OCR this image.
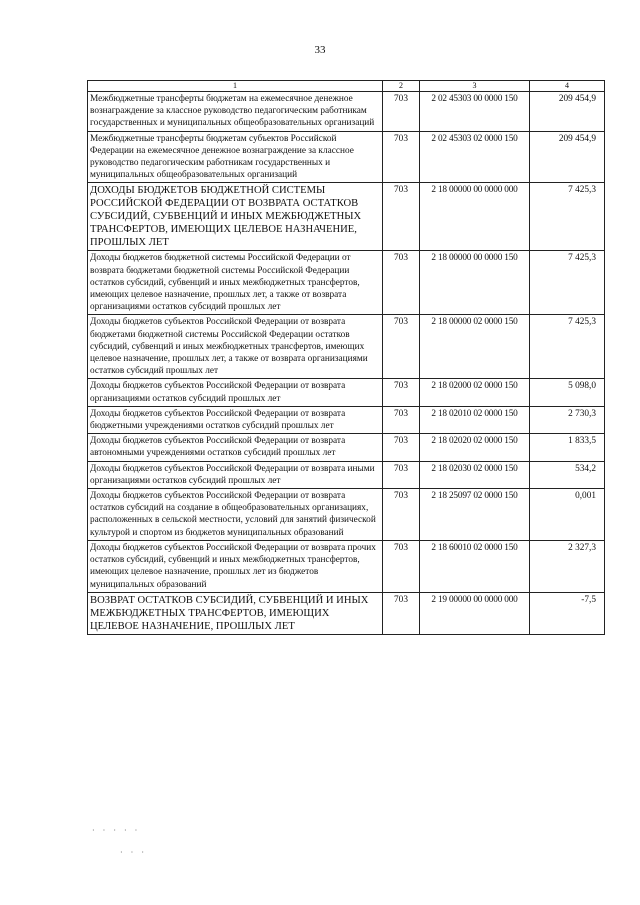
33
1	2	3	4
Межбюджетные трансферты бюджетам на ежемесячное денежное вознаграждение за классное руководство педагогическим работникам государственных и муниципальных общеобразовательных организаций	703	2 02 45303 00 0000 150	209 454,9
Межбюджетные трансферты бюджетам субъектов Российской Федерации на ежемесячное денежное вознаграждение за классное руководство педагогическим работникам государственных и муниципальных общеобразовательных организаций	703	2 02 45303 02 0000 150	209 454,9
ДОХОДЫ БЮДЖЕТОВ БЮДЖЕТНОЙ СИСТЕМЫ РОССИЙСКОЙ ФЕДЕРАЦИИ ОТ ВОЗВРАТА ОСТАТКОВ СУБСИДИЙ, СУБВЕНЦИЙ И ИНЫХ МЕЖБЮДЖЕТНЫХ ТРАНСФЕРТОВ, ИМЕЮЩИХ ЦЕЛЕВОЕ НАЗНАЧЕНИЕ, ПРОШЛЫХ ЛЕТ	703	2 18 00000 00 0000 000	7 425,3
Доходы бюджетов бюджетной системы Российской Федерации от возврата бюджетами бюджетной системы Российской Федерации остатков субсидий, субвенций и иных межбюджетных трансфертов, имеющих целевое назначение, прошлых лет, а также от возврата организациями остатков субсидий прошлых лет	703	2 18 00000 00 0000 150	7 425,3
Доходы бюджетов субъектов Российской Федерации от возврата бюджетами бюджетной системы Российской Федерации остатков субсидий, субвенций и иных межбюджетных трансфертов, имеющих целевое назначение, прошлых лет, а также от возврата организациями остатков субсидий прошлых лет	703	2 18 00000 02 0000 150	7 425,3
Доходы бюджетов субъектов Российской Федерации от возврата организациями остатков субсидий прошлых лет	703	2 18 02000 02 0000 150	5 098,0
Доходы бюджетов субъектов Российской Федерации от возврата бюджетными учреждениями остатков субсидий прошлых лет	703	2 18 02010 02 0000 150	2 730,3
Доходы бюджетов субъектов Российской Федерации от возврата автономными учреждениями остатков субсидий прошлых лет	703	2 18 02020 02 0000 150	1 833,5
Доходы бюджетов субъектов Российской Федерации от возврата иными организациями остатков субсидий прошлых лет	703	2 18 02030 02 0000 150	534,2
Доходы бюджетов субъектов Российской Федерации от возврата остатков субсидий на создание в общеобразовательных организациях, расположенных в сельской местности, условий для занятий физической культурой и спортом из бюджетов муниципальных образований	703	2 18 25097 02 0000 150	0,001
Доходы бюджетов субъектов Российской Федерации от возврата прочих остатков субсидий, субвенций и иных межбюджетных трансфертов, имеющих целевое назначение, прошлых лет из бюджетов муниципальных образований	703	2 18 60010 02 0000 150	2 327,3
ВОЗВРАТ ОСТАТКОВ СУБСИДИЙ, СУБВЕНЦИЙ И ИНЫХ МЕЖБЮДЖЕТНЫХ ТРАНСФЕРТОВ, ИМЕЮЩИХ ЦЕЛЕВОЕ НАЗНАЧЕНИЕ, ПРОШЛЫХ ЛЕТ	703	2 19 00000 00 0000 000	-7,5
· · · · ·
· · ·
